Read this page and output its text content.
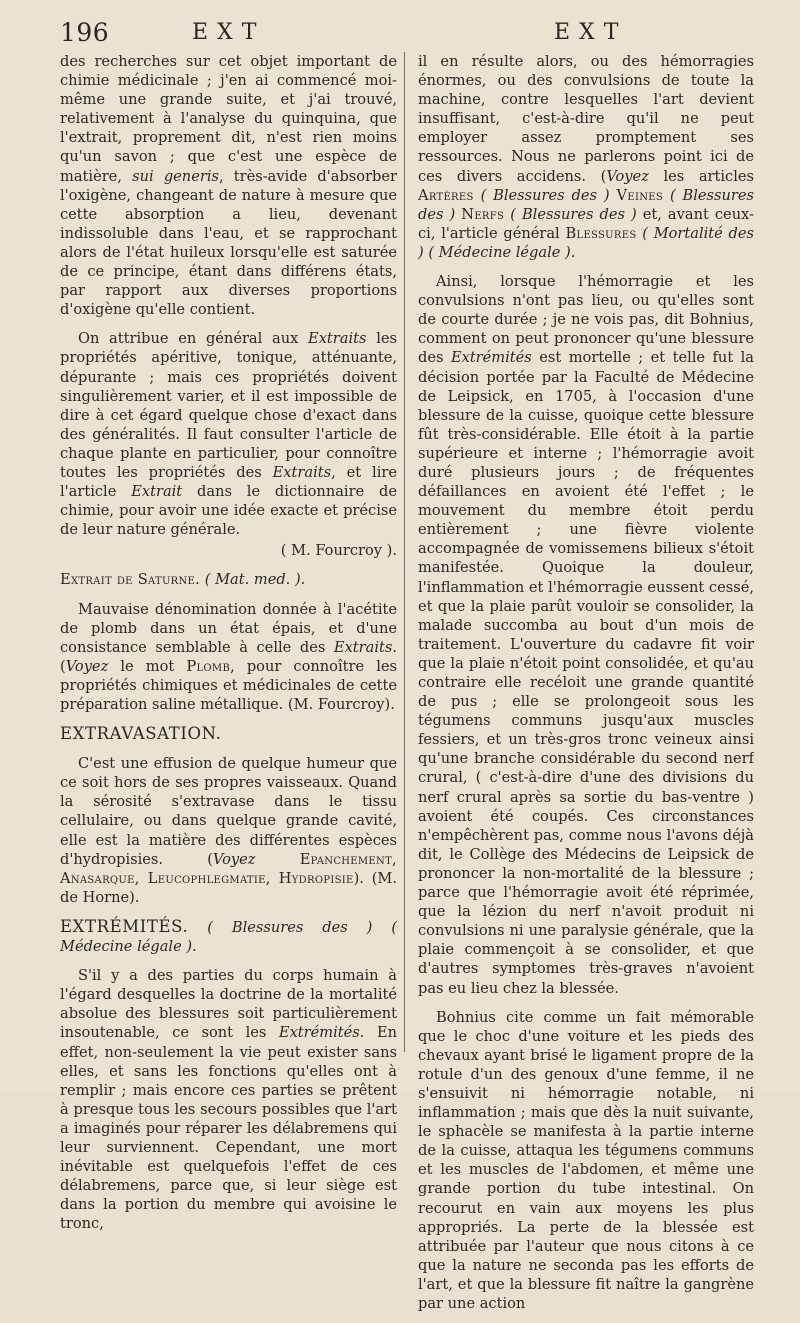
196	EXT	EXT

des recherches sur cet objet important de chimie médicinale ; j'en ai commencé moi-même une grande suite, et j'ai trouvé, relativement à l'analyse du quinquina, que l'extrait, proprement dit, n'est rien moins qu'un savon ; que c'est une espèce de matière, sui generis, très-avide d'absorber l'oxigène, changeant de nature à mesure que cette absorption a lieu, devenant indissoluble dans l'eau, et se rapprochant alors de l'état huileux lorsqu'elle est saturée de ce principe, étant dans différens états, par rapport aux diverses proportions d'oxigène qu'elle contient.

On attribue en général aux Extraits les propriétés apéritive, tonique, atténuante, dépurante ; mais ces propriétés doivent singulièrement varier, et il est impossible de dire à cet égard quelque chose d'exact dans des généralités. Il faut consulter l'article de chaque plante en particulier, pour connoître toutes les propriétés des Extraits, et lire l'article Extrait dans le dictionnaire de chimie, pour avoir une idée exacte et précise de leur nature générale.

( M. Fourcroy ).

Extrait de Saturne. ( Mat. med. ).

Mauvaise dénomination donnée à l'acétite de plomb dans un état épais, et d'une consistance semblable à celle des Extraits. (Voyez le mot Plomb, pour connoître les propriétés chimiques et médicinales de cette préparation saline métallique. (M. Fourcroy).

EXTRAVASATION.

C'est une effusion de quelque humeur que ce soit hors de ses propres vaisseaux. Quand la sérosité s'extravase dans le tissu cellulaire, ou dans quelque grande cavité, elle est la matière des différentes espèces d'hydropisies. (Voyez	Epanchement, Anasarque, Leucophlegmatie, Hydropisie). (M. de Horne).

EXTRÉMITÉS. ( Blessures des ) ( Médecine légale ).

S'il y a des parties du corps humain à l'égard desquelles la doctrine de la mortalité absolue des blessures soit particulièrement insoutenable, ce sont les Extrémités. En effet, non-seulement la vie peut exister sans elles, et sans les fonctions qu'elles ont à remplir ; mais encore ces parties se prêtent à presque tous les secours possibles que l'art a imaginés pour réparer les délabremens qui leur surviennent. Cependant, une mort inévitable est quelquefois l'effet de ces délabremens, parce que, si leur siège est dans la portion du membre qui avoisine le tronc,

il en résulte alors, ou des hémorragies énormes, ou des convulsions de toute la machine, contre lesquelles l'art devient insuffisant, c'est-à-dire qu'il ne peut employer assez promptement ses ressources. Nous ne parlerons point ici de ces divers accidens. (Voyez les articles Artères ( Blessures des ) Veines ( Blessures des ) Nerfs ( Blessures des ) et, avant ceux-ci, l'article général Blessures ( Mortalité des ) ( Médecine légale ).

Ainsi, lorsque l'hémorragie et les convulsions n'ont pas lieu, ou qu'elles sont de courte durée ; je ne vois pas, dit Bohnius, comment on peut prononcer qu'une blessure des Extrémités est mortelle ; et telle fut la décision portée par la Faculté de Médecine de Leipsick, en 1705, à l'occasion d'une blessure de la cuisse, quoique cette blessure fût très-considérable. Elle étoit à la partie supérieure et interne ; l'hémorragie avoit duré plusieurs jours ; de fréquentes défaillances en avoient été l'effet ; le mouvement du membre étoit perdu entièrement ; une fièvre violente accompagnée de vomissemens bilieux s'étoit manifestée. Quoique la douleur, l'inflammation et l'hémorragie eussent cessé, et que la plaie parût vouloir se consolider, la malade succomba au bout d'un mois de traitement. L'ouverture du cadavre fit voir que la plaie n'étoit point consolidée, et qu'au contraire elle recéloit une grande quantité de pus ; elle se prolongeoit sous les tégumens communs jusqu'aux muscles fessiers, et un très-gros tronc veineux ainsi qu'une branche considérable du second nerf crural, ( c'est-à-dire d'une des divisions du nerf crural après sa sortie du bas-ventre ) avoient été coupés. Ces circonstances n'empêchèrent pas, comme nous l'avons déjà dit, le Collège des Médecins de Leipsick de prononcer la non-mortalité de la blessure ; parce que l'hémorragie avoit été réprimée, que la lézion du nerf n'avoit produit ni convulsions ni une paralysie générale, que la plaie commençoit à se consolider, et que d'autres symptomes très-graves n'avoient pas eu lieu chez la blessée.

Bohnius cite comme un fait mémorable que le choc d'une voiture et les pieds des chevaux ayant brisé le ligament propre de la rotule d'un des genoux d'une femme, il ne s'ensuivit ni hémorragie notable, ni inflammation ; mais que dès la nuit suivante, le sphacèle se manifesta à la partie interne de la cuisse, attaqua les tégumens communs et les muscles de l'abdomen, et même une grande portion du tube intestinal. On recourut en vain aux moyens les plus appropriés. La perte de la blessée est attribuée par l'auteur que nous citons à ce que la nature ne seconda pas les efforts de l'art, et que la blessure fit naître la gangrène par une action
